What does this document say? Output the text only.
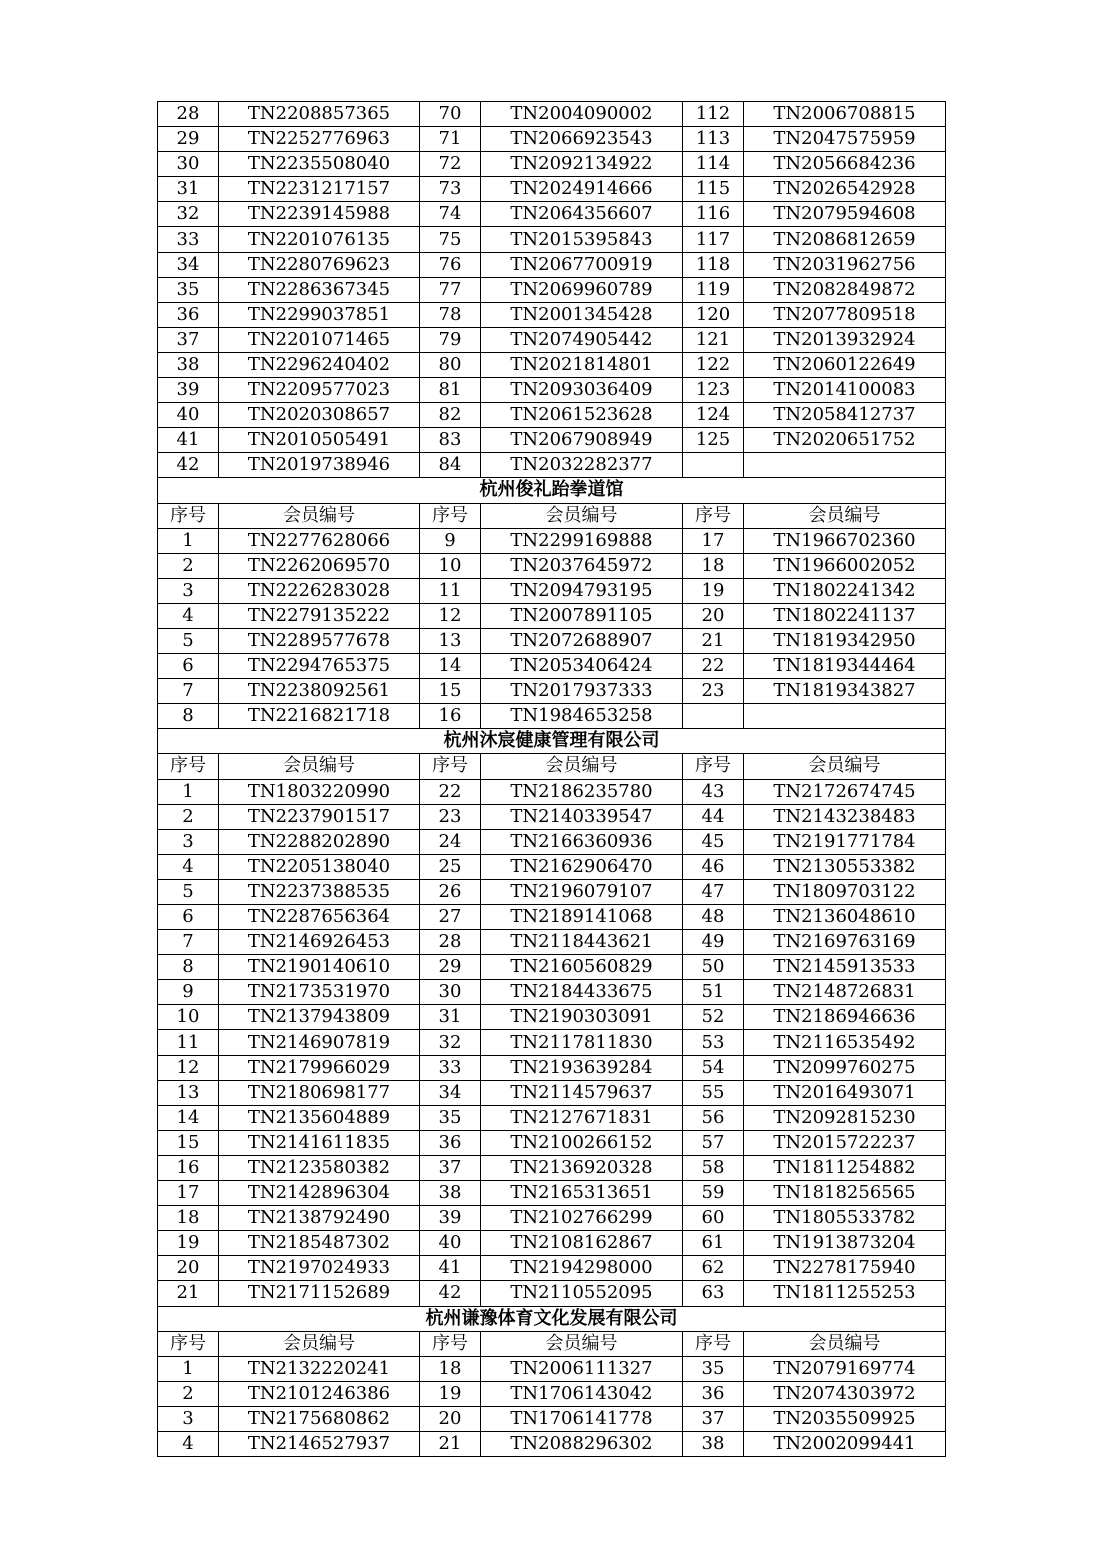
28	TN2208857365	70	TN2004090002	112	TN2006708815
29	TN2252776963	71	TN2066923543	113	TN2047575959
30	TN2235508040	72	TN2092134922	114	TN2056684236
31	TN2231217157	73	TN2024914666	115	TN2026542928
32	TN2239145988	74	TN2064356607	116	TN2079594608
33	TN2201076135	75	TN2015395843	117	TN2086812659
34	TN2280769623	76	TN2067700919	118	TN2031962756
35	TN2286367345	77	TN2069960789	119	TN2082849872
36	TN2299037851	78	TN2001345428	120	TN2077809518
37	TN2201071465	79	TN2074905442	121	TN2013932924
38	TN2296240402	80	TN2021814801	122	TN2060122649
39	TN2209577023	81	TN2093036409	123	TN2014100083
40	TN2020308657	82	TN2061523628	124	TN2058412737
41	TN2010505491	83	TN2067908949	125	TN2020651752
42	TN2019738946	84	TN2032282377		
杭州俊礼跆拳道馆					
序号	会员编号	序号	会员编号	序号	会员编号
1	TN2277628066	9	TN2299169888	17	TN1966702360
2	TN2262069570	10	TN2037645972	18	TN1966002052
3	TN2226283028	11	TN2094793195	19	TN1802241342
4	TN2279135222	12	TN2007891105	20	TN1802241137
5	TN2289577678	13	TN2072688907	21	TN1819342950
6	TN2294765375	14	TN2053406424	22	TN1819344464
7	TN2238092561	15	TN2017937333	23	TN1819343827
8	TN2216821718	16	TN1984653258		
杭州沐宸健康管理有限公司					
序号	会员编号	序号	会员编号	序号	会员编号
1	TN1803220990	22	TN2186235780	43	TN2172674745
2	TN2237901517	23	TN2140339547	44	TN2143238483
3	TN2288202890	24	TN2166360936	45	TN2191771784
4	TN2205138040	25	TN2162906470	46	TN2130553382
5	TN2237388535	26	TN2196079107	47	TN1809703122
6	TN2287656364	27	TN2189141068	48	TN2136048610
7	TN2146926453	28	TN2118443621	49	TN2169763169
8	TN2190140610	29	TN2160560829	50	TN2145913533
9	TN2173531970	30	TN2184433675	51	TN2148726831
10	TN2137943809	31	TN2190303091	52	TN2186946636
11	TN2146907819	32	TN2117811830	53	TN2116535492
12	TN2179966029	33	TN2193639284	54	TN2099760275
13	TN2180698177	34	TN2114579637	55	TN2016493071
14	TN2135604889	35	TN2127671831	56	TN2092815230
15	TN2141611835	36	TN2100266152	57	TN2015722237
16	TN2123580382	37	TN2136920328	58	TN1811254882
17	TN2142896304	38	TN2165313651	59	TN1818256565
18	TN2138792490	39	TN2102766299	60	TN1805533782
19	TN2185487302	40	TN2108162867	61	TN1913873204
20	TN2197024933	41	TN2194298000	62	TN2278175940
21	TN2171152689	42	TN2110552095	63	TN1811255253
杭州谦豫体育文化发展有限公司					
序号	会员编号	序号	会员编号	序号	会员编号
1	TN2132220241	18	TN2006111327	35	TN2079169774
2	TN2101246386	19	TN1706143042	36	TN2074303972
3	TN2175680862	20	TN1706141778	37	TN2035509925
4	TN2146527937	21	TN2088296302	38	TN2002099441
